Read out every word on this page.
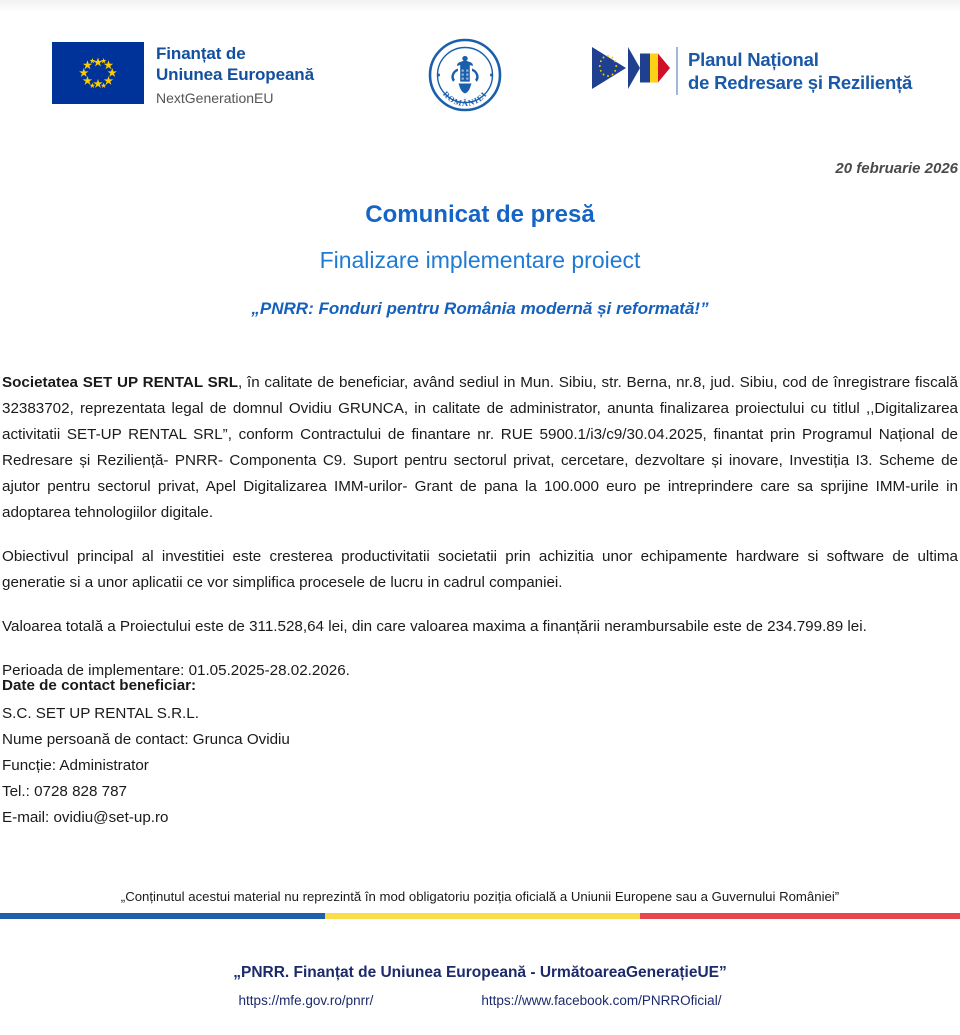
Finanțat de
Uniunea Europeană
NextGenerationEU	ROMÂNIEI
Planul Național
de Redresare și Reziliență
20 februarie 2026
Comunicat de presă
Finalizare implementare proiect
„PNRR: Fonduri pentru România modernă și reformată!”
Societatea SET UP RENTAL SRL, în calitate de beneficiar, având sediul in Mun. Sibiu, str. Berna, nr.8, jud. Sibiu, cod de înregistrare fiscală 32383702, reprezentata legal de domnul Ovidiu GRUNCA, in calitate de administrator, anunta finalizarea proiectului cu titlul ,,Digitalizarea activitatii SET-UP RENTAL SRL”, conform Contractului de finantare nr. RUE 5900.1/i3/c9/30.04.2025, finantat prin Programul Național de Redresare și Reziliență- PNRR- Componenta C9. Suport pentru sectorul privat, cercetare, dezvoltare și inovare, Investiția I3. Scheme de ajutor pentru sectorul privat, Apel Digitalizarea IMM-urilor- Grant de pana la 100.000 euro pe intreprindere care sa sprijine IMM-urile in adoptarea tehnologiilor digitale.
Obiectivul principal al investitiei este cresterea productivitatii societatii prin achizitia unor echipamente hardware si software de ultima generatie si a unor aplicatii ce vor simplifica procesele de lucru in cadrul companiei.
Valoarea totală a Proiectului este de 311.528,64 lei, din care valoarea maxima a finanțării nerambursabile este de 234.799.89 lei.
Perioada de implementare: 01.05.2025-28.02.2026.
Date de contact beneficiar:
S.C. SET UP RENTAL S.R.L.
Nume persoană de contact: Grunca Ovidiu
Funcție: Administrator
Tel.: 0728 828 787
E-mail: ovidiu@set-up.ro
„Conținutul acestui material nu reprezintă în mod obligatoriu poziția oficială a Uniunii Europene sau a Guvernului României”
„PNRR. Finanțat de Uniunea Europeană - UrmătoareaGenerațieUE”
https://mfe.gov.ro/pnrr/	https://www.facebook.com/PNRROficial/
